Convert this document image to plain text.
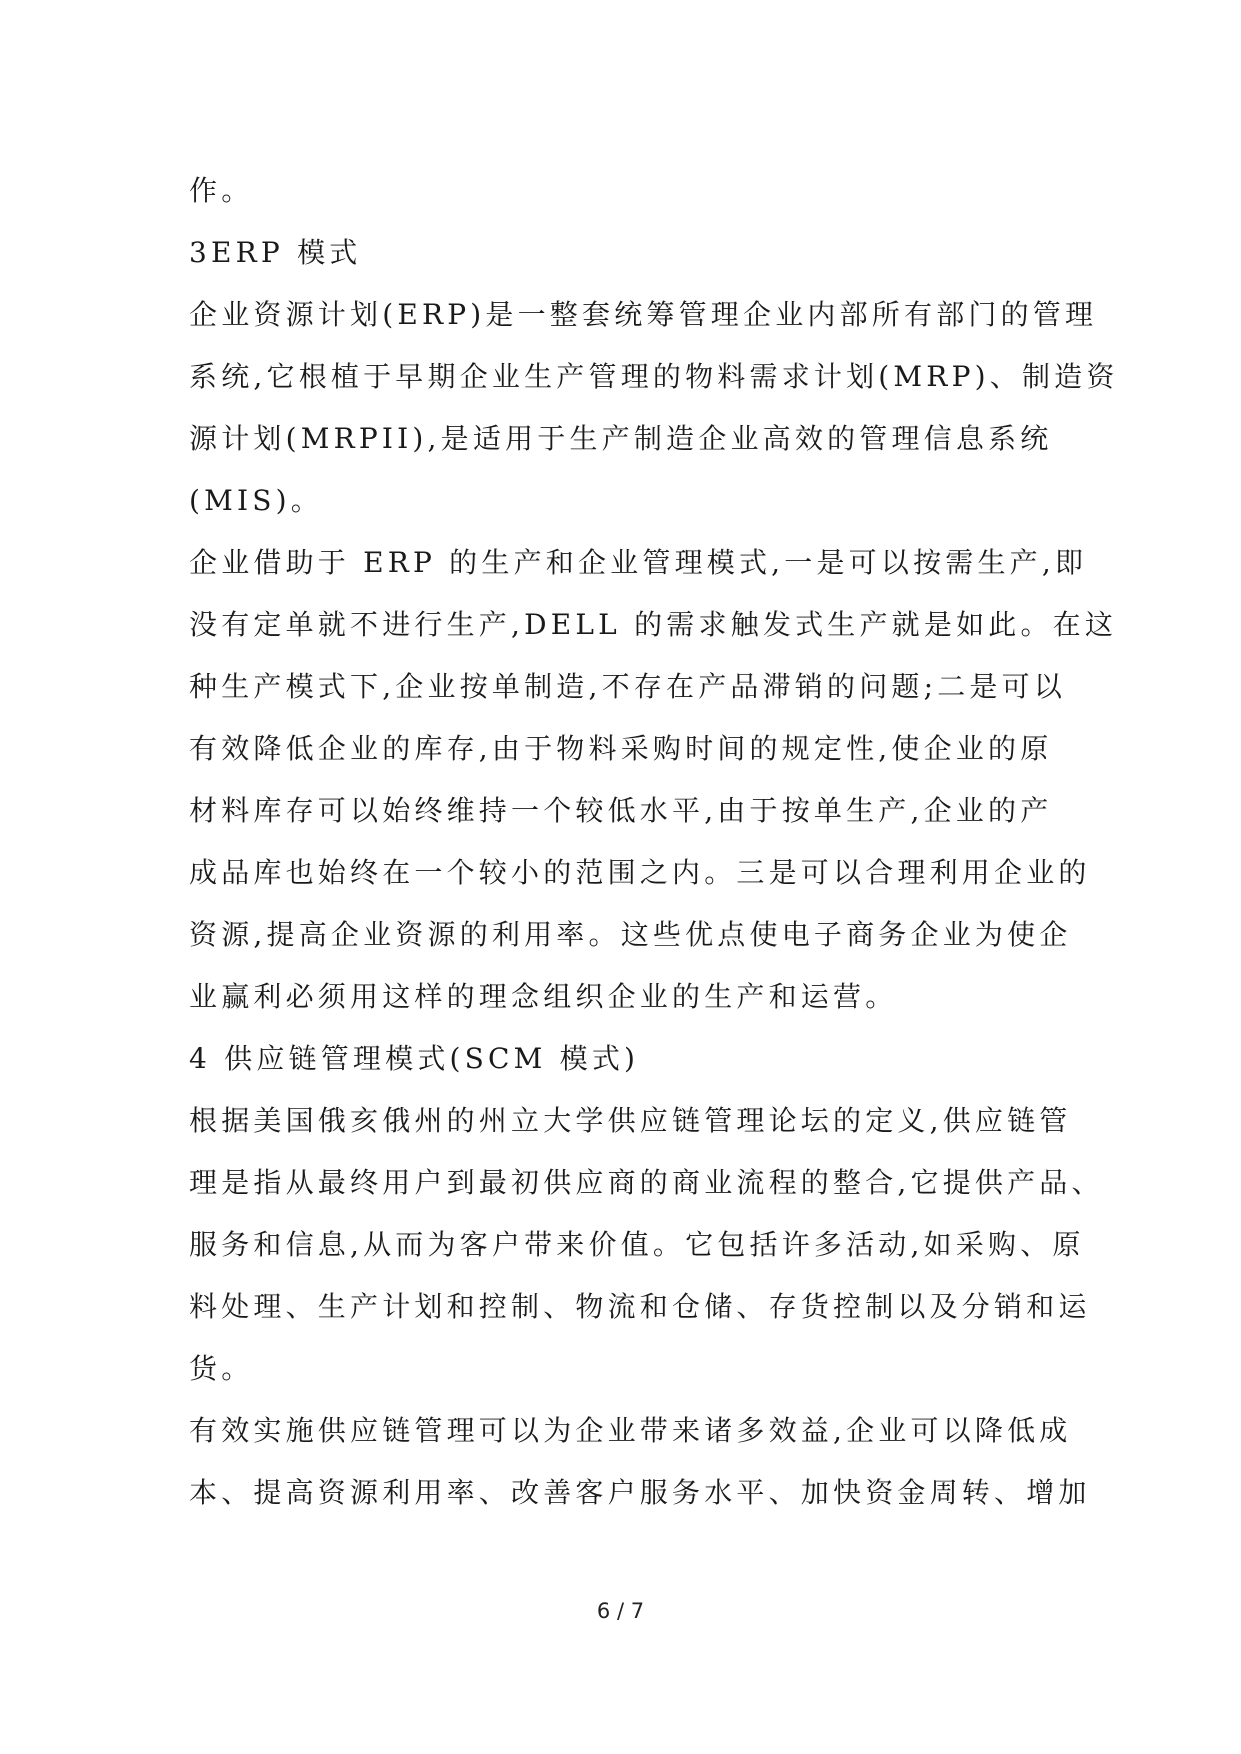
作。
3ERP 模式
企业资源计划(ERP)是一整套统筹管理企业内部所有部门的管理
系统,它根植于早期企业生产管理的物料需求计划(MRP)、制造资
源计划(MRPII),是适用于生产制造企业高效的管理信息系统
(MIS)。
企业借助于 ERP 的生产和企业管理模式,一是可以按需生产,即
没有定单就不进行生产,DELL 的需求触发式生产就是如此。在这
种生产模式下,企业按单制造,不存在产品滞销的问题;二是可以
有效降低企业的库存,由于物料采购时间的规定性,使企业的原
材料库存可以始终维持一个较低水平,由于按单生产,企业的产
成品库也始终在一个较小的范围之内。三是可以合理利用企业的
资源,提高企业资源的利用率。这些优点使电子商务企业为使企
业赢利必须用这样的理念组织企业的生产和运营。
4 供应链管理模式(SCM 模式)
根据美国俄亥俄州的州立大学供应链管理论坛的定义,供应链管
理是指从最终用户到最初供应商的商业流程的整合,它提供产品、
服务和信息,从而为客户带来价值。它包括许多活动,如采购、原
料处理、生产计划和控制、物流和仓储、存货控制以及分销和运
货。
有效实施供应链管理可以为企业带来诸多效益,企业可以降低成
本、提高资源利用率、改善客户服务水平、加快资金周转、增加
6 / 7
